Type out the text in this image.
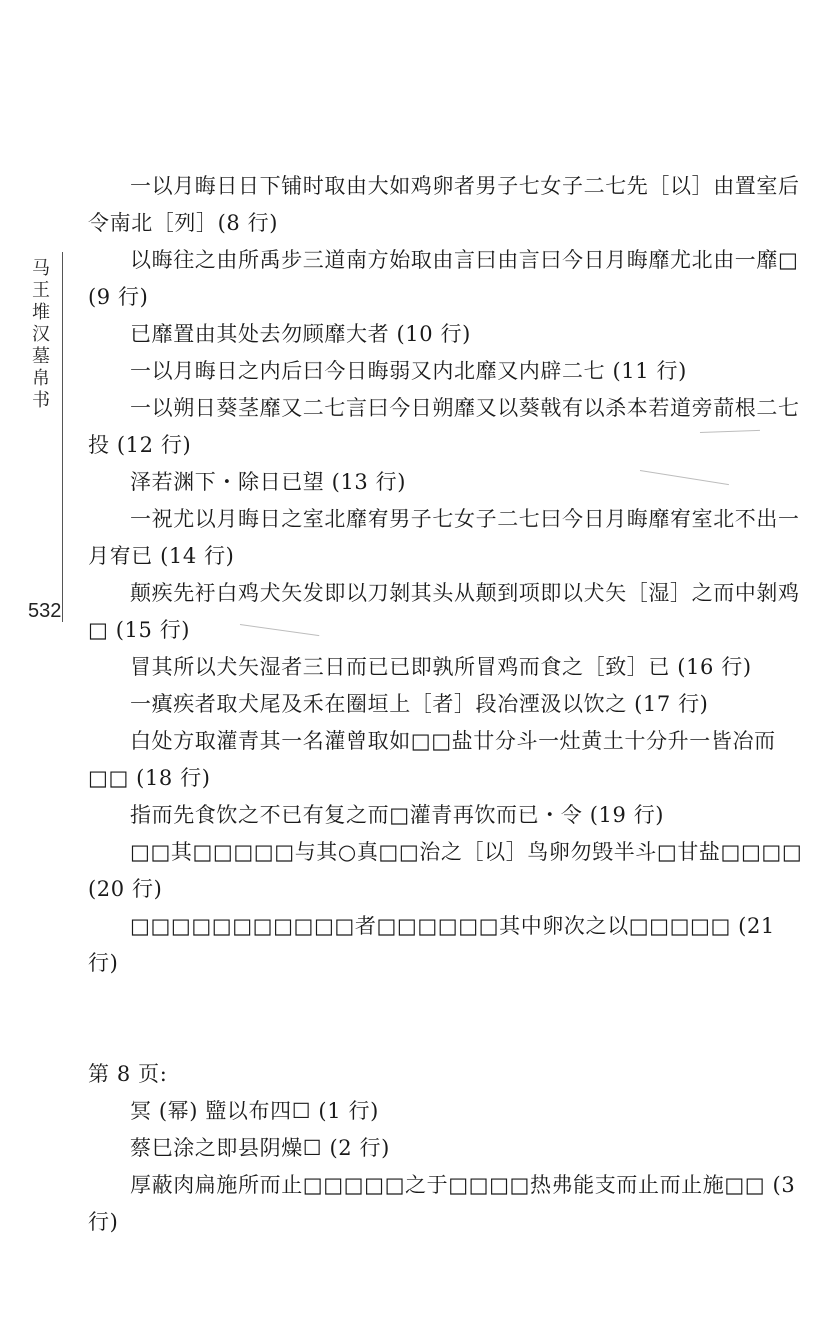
马王堆汉墓帛书
532

一以月晦日日下铺时取由大如鸡卵者男子七女子二七先［以］由置室后令南北［列］(8 行)

以晦往之由所禹步三道南方始取由言曰由言曰今日月晦靡尤北由一靡□ (9 行)

已靡置由其处去勿顾靡大者 (10 行)

一以月晦日之内后曰今日晦弱又内北靡又内辟二七 (11 行)

一以朔日葵茎靡又二七言曰今日朔靡又以葵戟有以杀本若道旁葥根二七投 (12 行)

泽若渊下・除日已望 (13 行)

一祝尤以月晦日之室北靡宥男子七女子二七曰今日月晦靡宥室北不出一月宥已 (14 行)

颠疾先衧白鸡犬矢发即以刀剝其头从颠到项即以犬矢［湿］之而中剝鸡□ (15 行)

冒其所以犬矢湿者三日而已已即孰所冒鸡而食之［致］已 (16 行)

一瘨疾者取犬尾及禾在圈垣上［者］段冶湮汲以饮之 (17 行)

白处方取灌青其一名灌曾取如□□盐廿分斗一灶黄土十分升一皆冶而□□ (18 行)

指而先食饮之不已有复之而□灌青再饮而已・令 (19 行)

□□其□□□□□与其○真□□治之［以］鸟卵勿毁半斗□甘盐□□□□ (20 行)

□□□□□□□□□□□者□□□□□□其中卵次之以□□□□□ (21 行)

第 8 页:

冥 (幂) 盬以布四☐ (1 行)

蔡巳涂之即县阴燥☐ (2 行)

厚蔽肉扁施所而止□□□□□之于□□□□热弗能支而止而止施□□ (3 行)
